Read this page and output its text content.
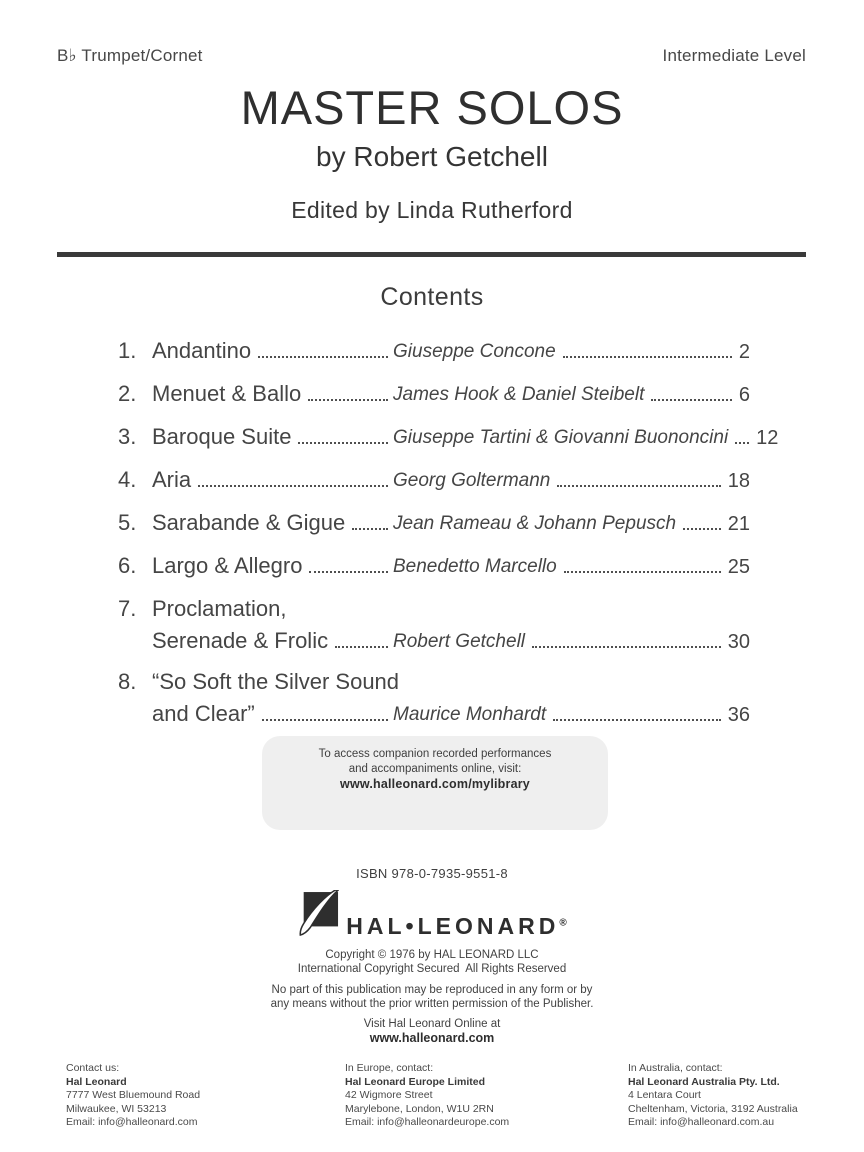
B♭ Trumpet/Cornet	Intermediate Level
MASTER SOLOS
by Robert Getchell
Edited by Linda Rutherford
Contents
1. Andantino	Giuseppe Concone	2
2. Menuet & Ballo	James Hook & Daniel Steibelt	6
3. Baroque Suite	Giuseppe Tartini & Giovanni Buononcini 12
4. Aria	Georg Goltermann	18
5. Sarabande & Gigue	Jean Rameau & Johann Pepusch	21
6. Largo & Allegro	Benedetto Marcello	25
7. Proclamation,
Serenade & Frolic	Robert Getchell	30
8. “So Soft the Silver Sound
and Clear”	Maurice Monhardt	36
To access companion recorded performances
and accompaniments online, visit:
www.halleonard.com/mylibrary
ISBN 978-0-7935-9551-8
HAL•LEONARD®
Copyright © 1976 by HAL LEONARD LLC
International Copyright Secured  All Rights Reserved
No part of this publication may be reproduced in any form or by
any means without the prior written permission of the Publisher.
Visit Hal Leonard Online at
www.halleonard.com
Contact us:
Hal Leonard
7777 West Bluemound Road
Milwaukee, WI 53213
Email: info@halleonard.com
In Europe, contact:
Hal Leonard Europe Limited
42 Wigmore Street
Marylebone, London, W1U 2RN
Email: info@halleonardeurope.com
In Australia, contact:
Hal Leonard Australia Pty. Ltd.
4 Lentara Court
Cheltenham, Victoria, 3192 Australia
Email: info@halleonard.com.au
